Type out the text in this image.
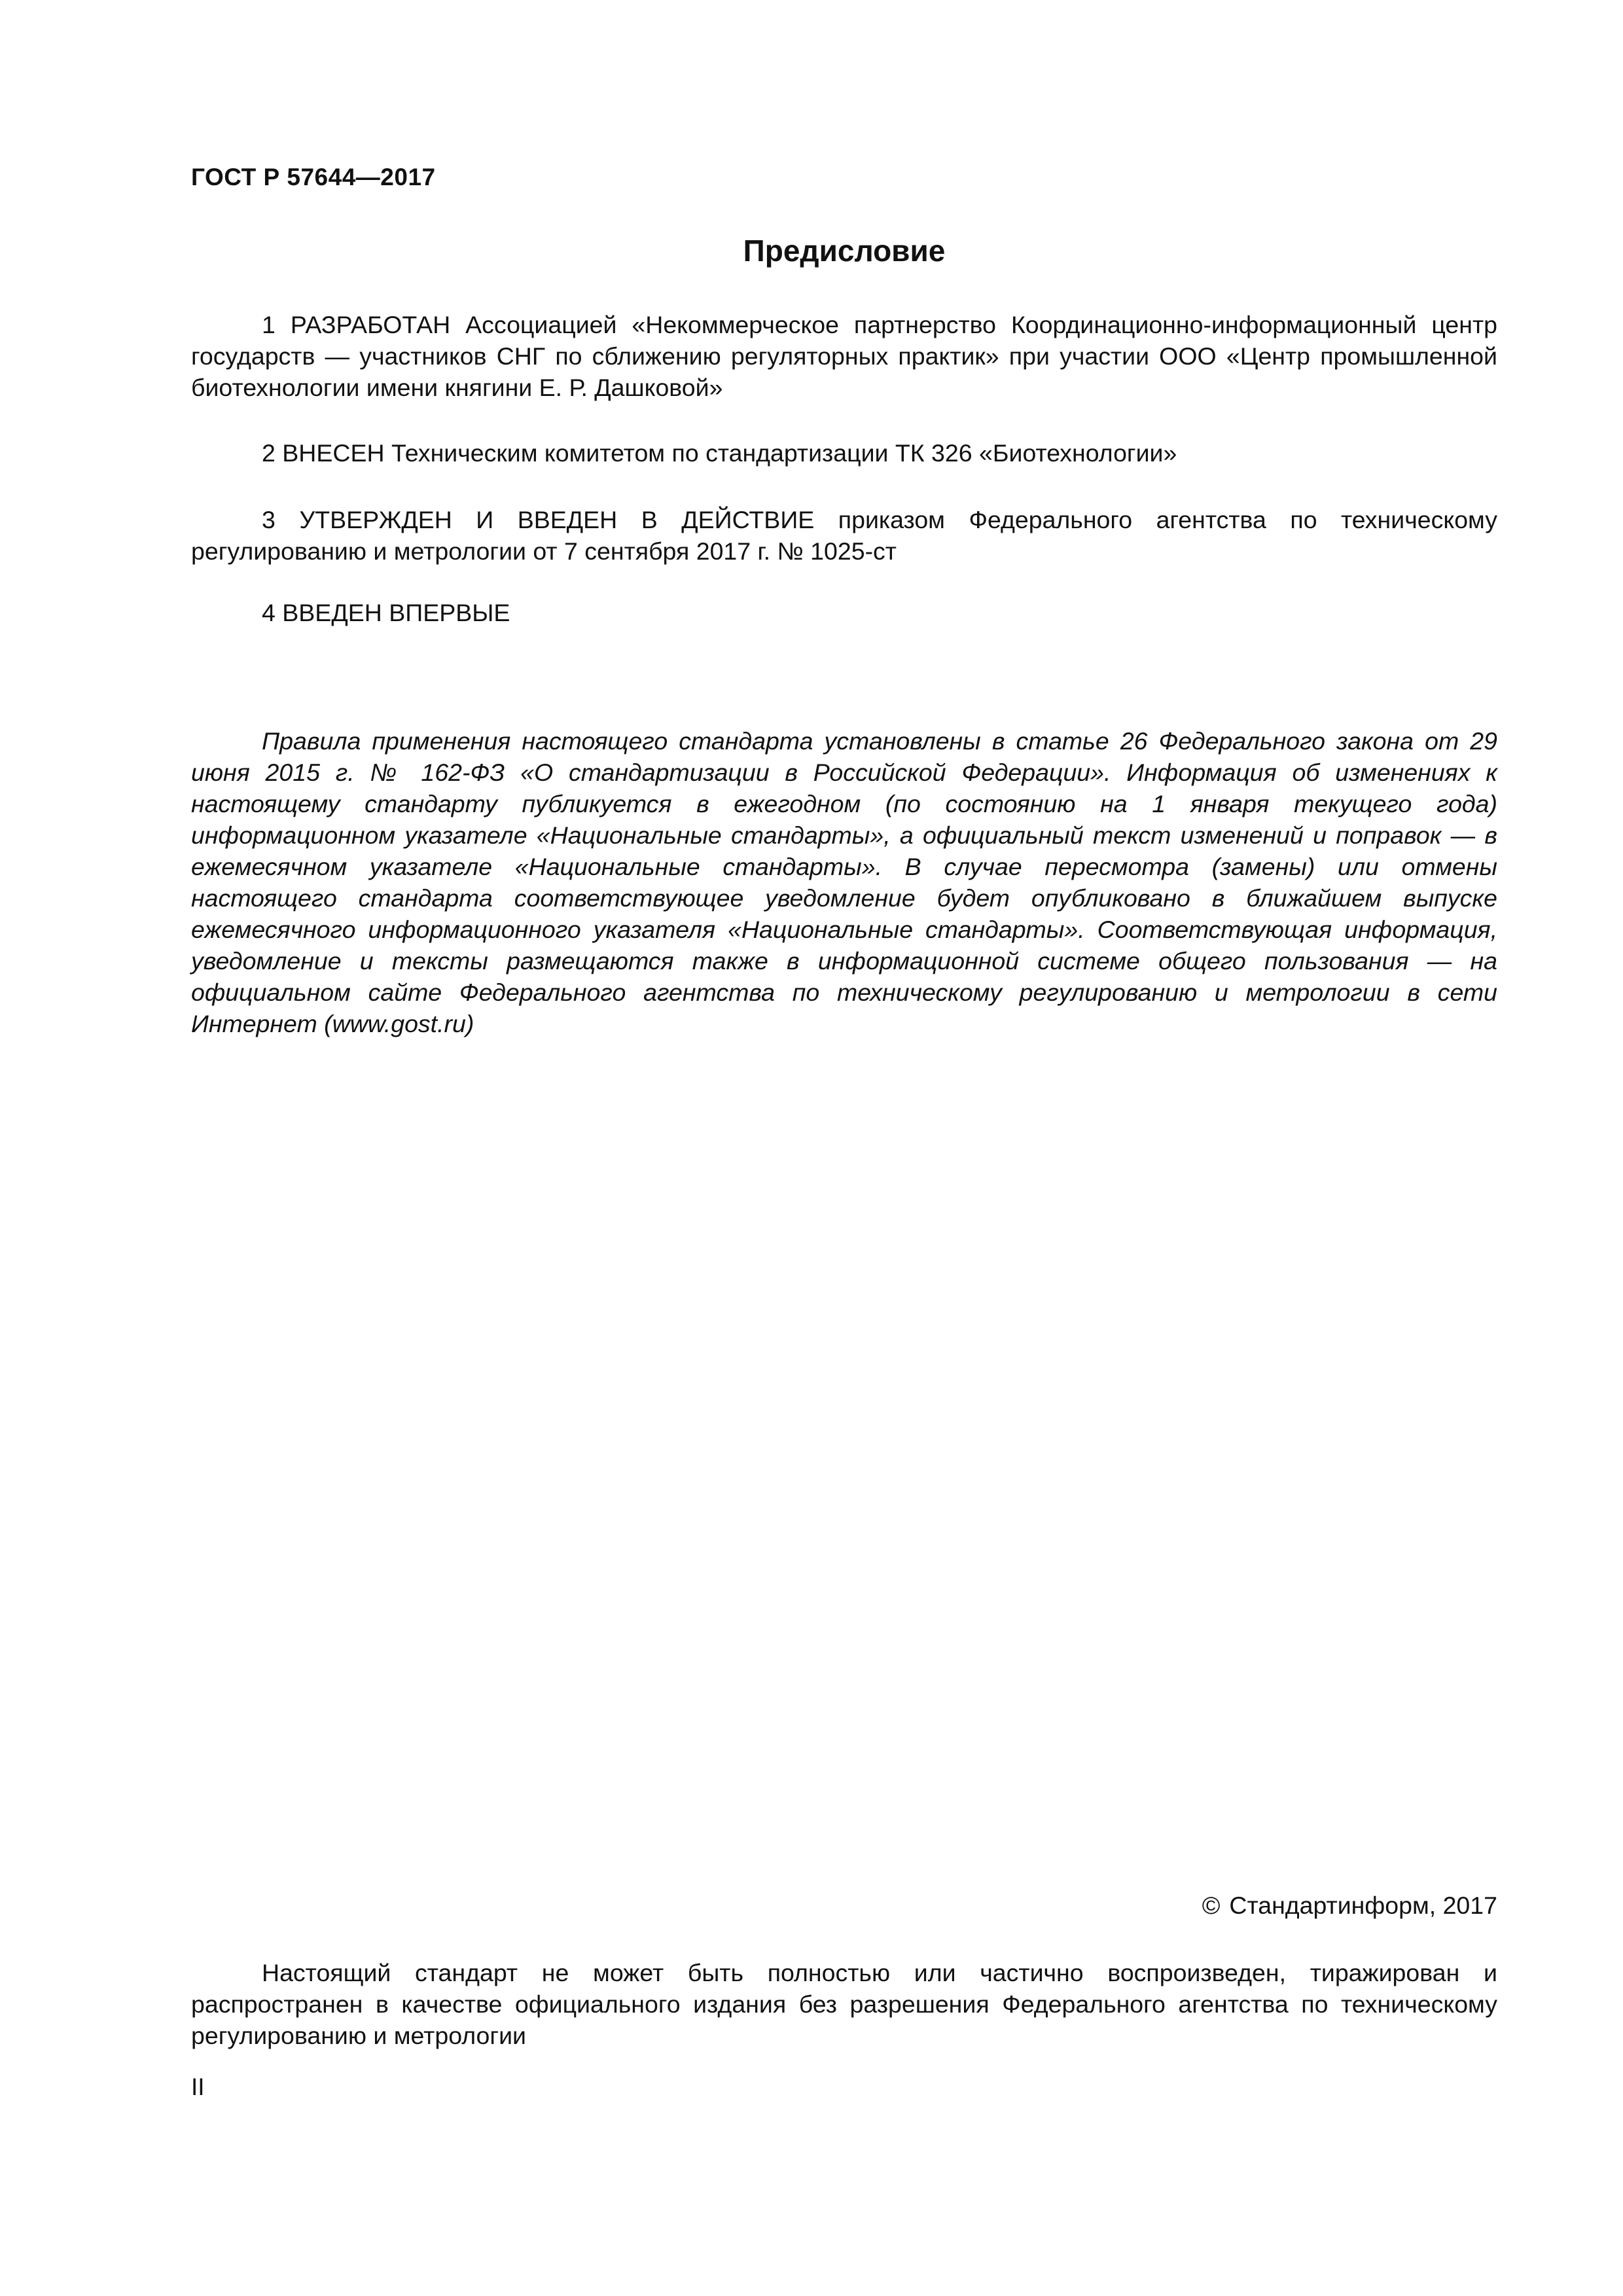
ГОСТ Р 57644—2017
Предисловие

1 РАЗРАБОТАН Ассоциацией «Некоммерческое партнерство Координационно-информационный центр государств — участников СНГ по сближению регуляторных практик» при участии ООО «Центр промышленной биотехнологии имени княгини Е. Р. Дашковой»

2 ВНЕСЕН Техническим комитетом по стандартизации ТК 326 «Биотехнологии»

3 УТВЕРЖДЕН И ВВЕДЕН В ДЕЙСТВИЕ приказом Федерального агентства по техническому регулированию и метрологии от 7 сентября 2017 г. № 1025-ст

4 ВВЕДЕН ВПЕРВЫЕ

Правила применения настоящего стандарта установлены в статье 26 Федерального закона от 29 июня 2015 г. № 162-ФЗ «О стандартизации в Российской Федерации». Информация об изменениях к настоящему стандарту публикуется в ежегодном (по состоянию на 1 января текущего года) информационном указателе «Национальные стандарты», а официальный текст изменений и поправок — в ежемесячном указателе «Национальные стандарты». В случае пересмотра (замены) или отмены настоящего стандарта соответствующее уведомление будет опубликовано в ближайшем выпуске ежемесячного информационного указателя «Национальные стандарты». Соответствующая информация, уведомление и тексты размещаются также в информационной системе общего пользования — на официальном сайте Федерального агентства по техническому регулированию и метрологии в сети Интернет (www.gost.ru)

© Стандартинформ, 2017

Настоящий стандарт не может быть полностью или частично воспроизведен, тиражирован и распространен в качестве официального издания без разрешения Федерального агентства по техническому регулированию и метрологии

II
